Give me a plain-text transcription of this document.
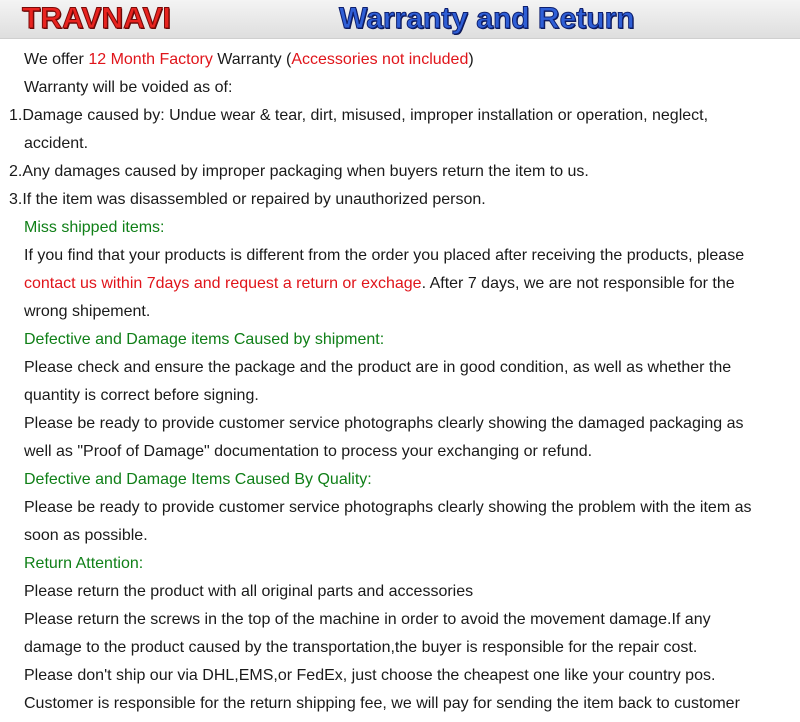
TRAVNAVI	Warranty and Return
We offer 12 Month Factory Warranty (Accessories not included)
Warranty will be voided as of:
1.Damage caused by: Undue wear & tear, dirt, misused, improper installation or operation, neglect,
accident.
2.Any damages caused by improper packaging when buyers return the item to us.
3.If the item was disassembled or repaired by unauthorized person.
Miss shipped items:
If you find that your products is different from the order you placed after receiving the products, please
contact us within 7days and request a return or exchage. After 7 days, we are not responsible for the
wrong shipement.
Defective and Damage items Caused by shipment:
Please check and ensure the package and the product are in good condition, as well as whether the
quantity is correct before signing.
Please be ready to provide customer service photographs clearly showing the damaged packaging as
well as "Proof of Damage" documentation to process your exchanging or refund.
Defective and Damage Items Caused By Quality:
Please be ready to provide customer service photographs clearly showing the problem with the item as
soon as possible.
Return Attention:
Please return the product with all original parts and accessories
Please return the screws in the top of the machine in order to avoid the movement damage.If any
damage to the product caused by the transportation,the buyer is responsible for the repair cost.
Please don't ship our via DHL,EMS,or FedEx, just choose the cheapest one like your country pos.
Customer is responsible for the return shipping fee, we will pay for sending the item back to customer
